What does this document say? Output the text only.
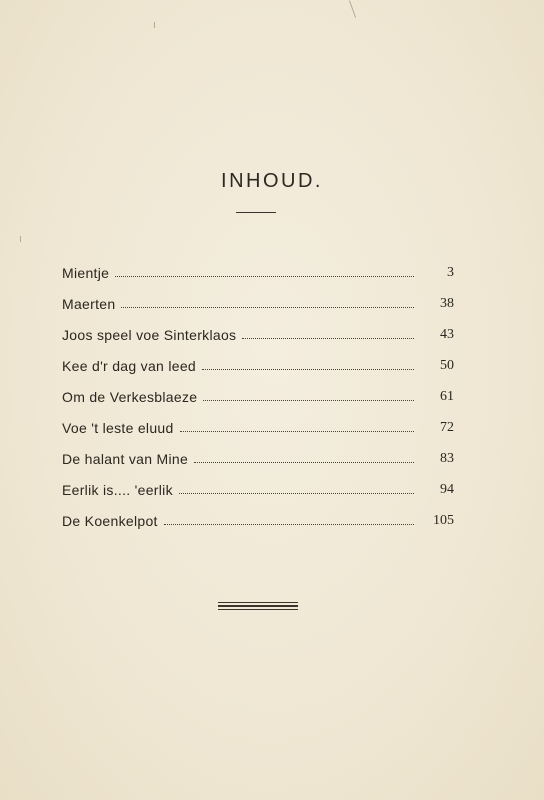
INHOUD.
Mientje	3
Maerten	38
Joos speel voe Sinterklaos	43
Kee d'r dag van leed	50
Om de Verkesblaeze	61
Voe 't leste eluud	72
De halant van Mine	83
Eerlik is.... 'eerlik	94
De Koenkelpot	105
